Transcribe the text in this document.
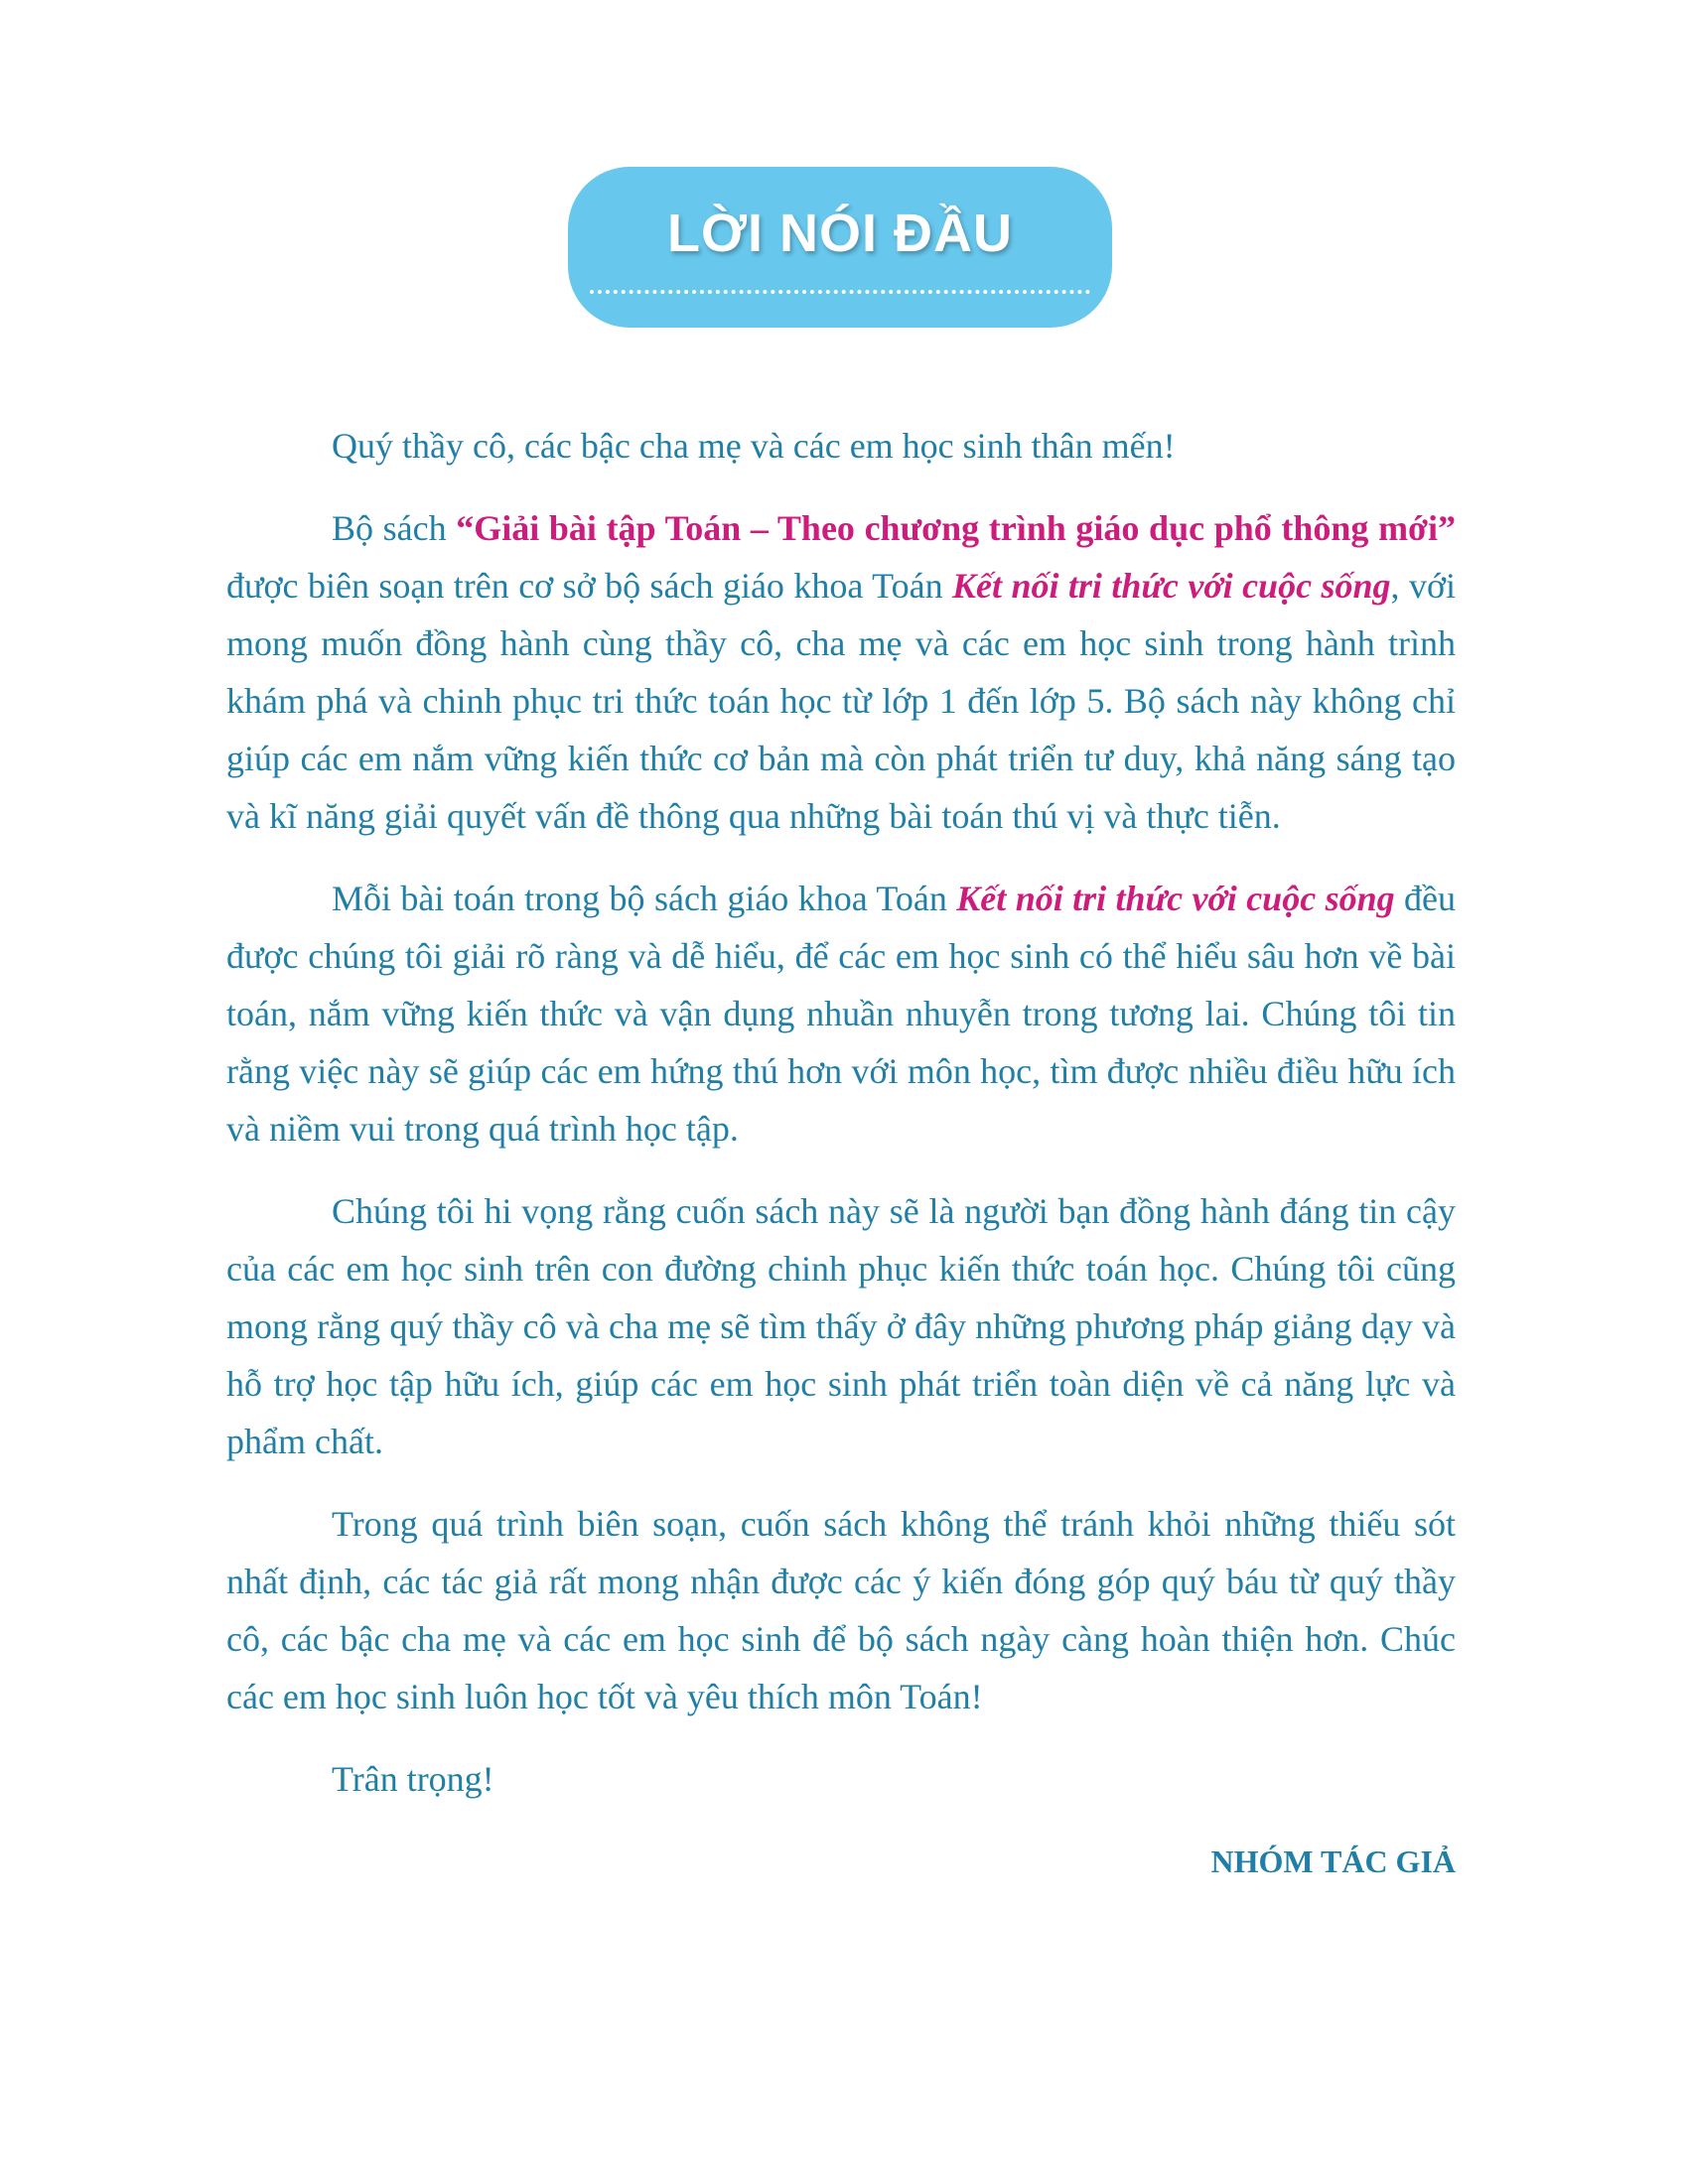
LỜI NÓI ĐẦU

Quý thầy cô, các bậc cha mẹ và các em học sinh thân mến!

Bộ sách “Giải bài tập Toán – Theo chương trình giáo dục phổ thông mới” được biên soạn trên cơ sở bộ sách giáo khoa Toán Kết nối tri thức với cuộc sống, với mong muốn đồng hành cùng thầy cô, cha mẹ và các em học sinh trong hành trình khám phá và chinh phục tri thức toán học từ lớp 1 đến lớp 5. Bộ sách này không chỉ giúp các em nắm vững kiến thức cơ bản mà còn phát triển tư duy, khả năng sáng tạo và kĩ năng giải quyết vấn đề thông qua những bài toán thú vị và thực tiễn.

Mỗi bài toán trong bộ sách giáo khoa Toán Kết nối tri thức với cuộc sống đều được chúng tôi giải rõ ràng và dễ hiểu, để các em học sinh có thể hiểu sâu hơn về bài toán, nắm vững kiến thức và vận dụng nhuần nhuyễn trong tương lai. Chúng tôi tin rằng việc này sẽ giúp các em hứng thú hơn với môn học, tìm được nhiều điều hữu ích và niềm vui trong quá trình học tập.

Chúng tôi hi vọng rằng cuốn sách này sẽ là người bạn đồng hành đáng tin cậy của các em học sinh trên con đường chinh phục kiến thức toán học. Chúng tôi cũng mong rằng quý thầy cô và cha mẹ sẽ tìm thấy ở đây những phương pháp giảng dạy và hỗ trợ học tập hữu ích, giúp các em học sinh phát triển toàn diện về cả năng lực và phẩm chất.

Trong quá trình biên soạn, cuốn sách không thể tránh khỏi những thiếu sót nhất định, các tác giả rất mong nhận được các ý kiến đóng góp quý báu từ quý thầy cô, các bậc cha mẹ và các em học sinh để bộ sách ngày càng hoàn thiện hơn. Chúc các em học sinh luôn học tốt và yêu thích môn Toán!

Trân trọng!

NHÓM TÁC GIẢ
